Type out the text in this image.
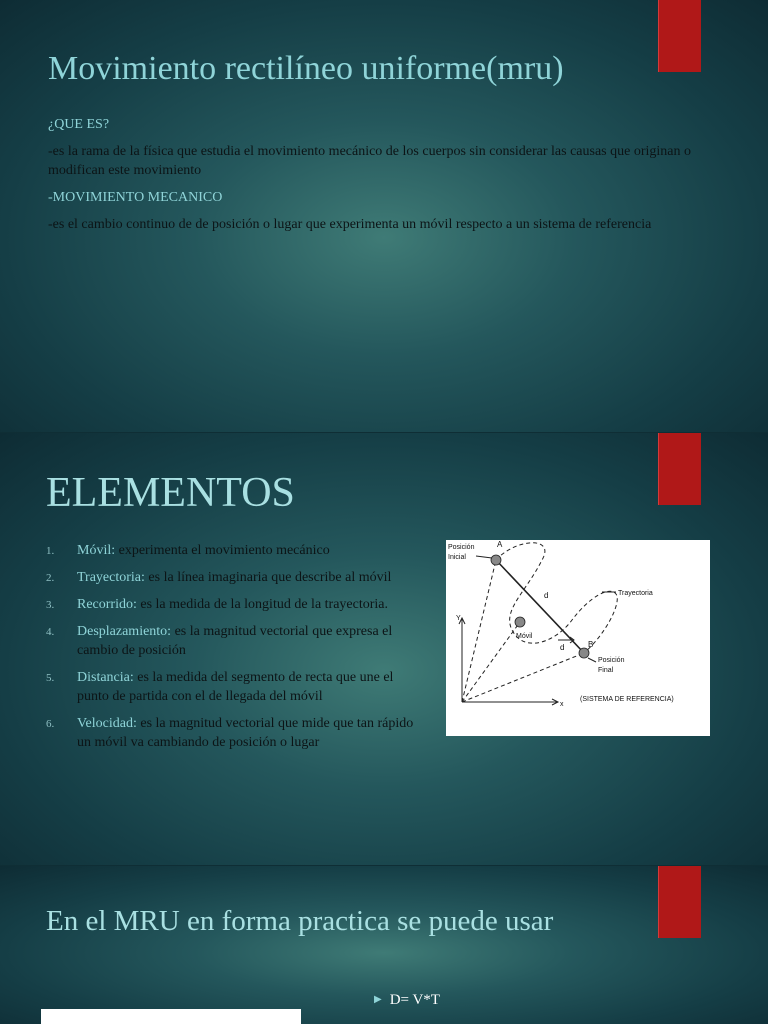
Movimiento rectilíneo uniforme(mru)

¿QUE ES?

-es la rama de la física que estudia el movimiento mecánico de los cuerpos sin considerar las causas que originan o modifican este movimiento

-MOVIMIENTO MECANICO

-es el cambio continuo de de posición o lugar que experimenta un móvil respecto a un sistema de referencia

ELEMENTOS
1. Móvil: experimenta el movimiento mecánico
2. Trayectoria: es la línea imaginaria que describe al móvil
3. Recorrido: es la medida de la longitud de la trayectoria.
4. Desplazamiento: es la magnitud vectorial que expresa el cambio de posición
5. Distancia: es la medida del segmento de recta que une el punto de partida con el de llegada del móvil
6. Velocidad: es la magnitud vectorial que mide que tan rápido un móvil va cambiando de posición o lugar
Posición
Inicial
A
d	Trayectoria
Y
x
Móvil
d	B
Posición
Final
(SISTEMA DE REFERENCIA)
En el MRU en forma practica se puede usar
▶ D= V*T
